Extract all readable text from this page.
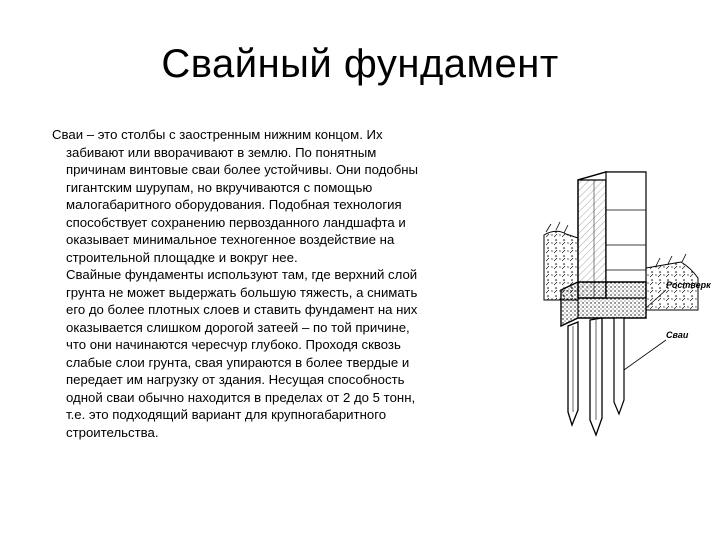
Свайный фундамент
Сваи – это столбы с заостренным нижним концом. Их
забивают или вворачивают в землю. По понятным
причинам винтовые сваи более устойчивы. Они подобны
гигантским шурупам, но вкручиваются с помощью
малогабаритного оборудования. Подобная технология
способствует сохранению первозданного ландшафта и
оказывает минимальное техногенное воздействие на
строительной площадке и вокруг нее.
Свайные фундаменты используют там, где верхний слой
грунта не может выдержать большую тяжесть, а снимать
его до более плотных слоев и ставить фундамент на них
оказывается слишком дорогой затеей – по той причине,
что они начинаются чересчур глубоко. Проходя сквозь
слабые слои грунта, свая упираются в более твердые и
передает им нагрузку от здания. Несущая способность
одной сваи обычно находится в пределах от 2 до 5 тонн,
т.е. это подходящий вариант для крупногабаритного
строительства.
Ростверк
Сваи
